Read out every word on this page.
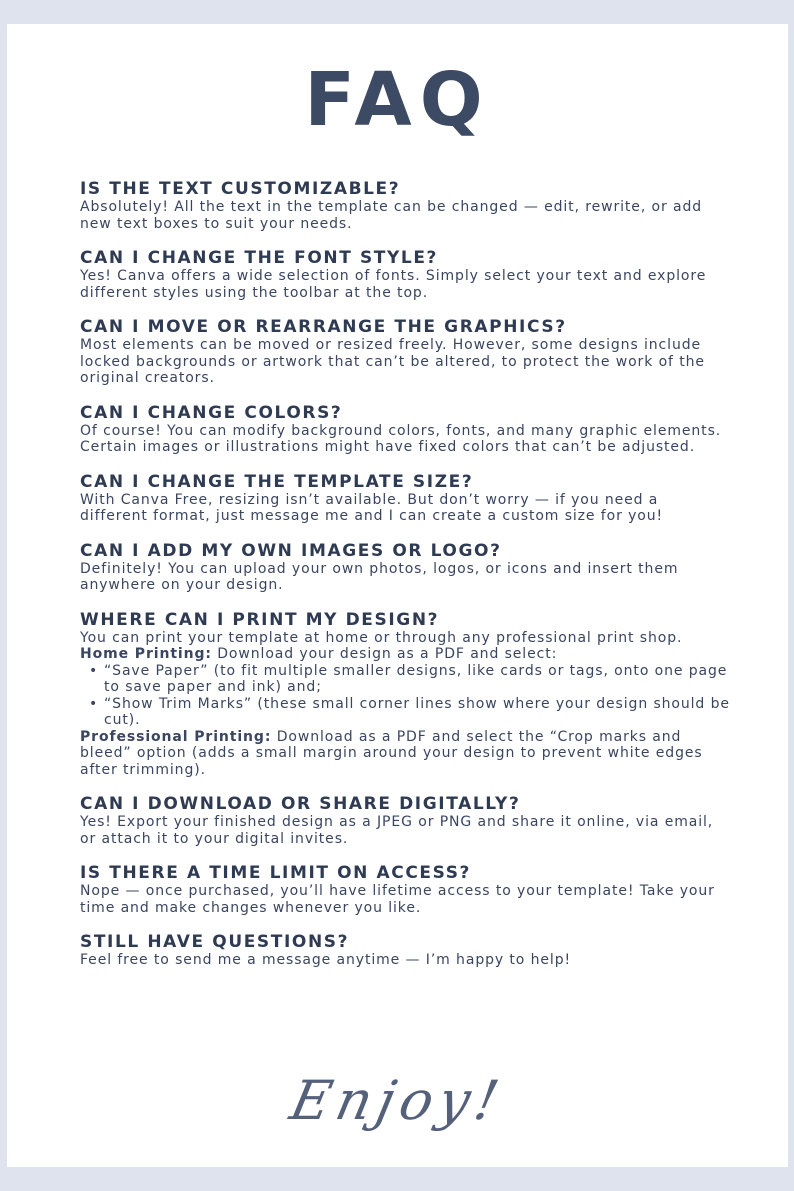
FAQ

IS THE TEXT CUSTOMIZABLE?

Absolutely! All the text in the template can be changed — edit, rewrite, or add new text boxes to suit your needs.

CAN I CHANGE THE FONT STYLE?

Yes! Canva offers a wide selection of fonts. Simply select your text and explore different styles using the toolbar at the top.

CAN I MOVE OR REARRANGE THE GRAPHICS?

Most elements can be moved or resized freely. However, some designs include locked backgrounds or artwork that can’t be altered, to protect the work of the original creators.

CAN I CHANGE COLORS?

Of course! You can modify background colors, fonts, and many graphic elements. Certain images or illustrations might have fixed colors that can’t be adjusted.

CAN I CHANGE THE TEMPLATE SIZE?

With Canva Free, resizing isn’t available. But don’t worry — if you need a different format, just message me and I can create a custom size for you!

CAN I ADD MY OWN IMAGES OR LOGO?

Definitely! You can upload your own photos, logos, or icons and insert them anywhere on your design.

WHERE CAN I PRINT MY DESIGN?

You can print your template at home or through any professional print shop.

Home Printing: Download your design as a PDF and select:

• “Save Paper” (to fit multiple smaller designs, like cards or tags, onto one page to save paper and ink) and;
• “Show Trim Marks” (these small corner lines show where your design should be cut).

Professional Printing: Download as a PDF and select the “Crop marks and bleed” option (adds a small margin around your design to prevent white edges after trimming).

CAN I DOWNLOAD OR SHARE DIGITALLY?

Yes! Export your finished design as a JPEG or PNG and share it online, via email, or attach it to your digital invites.

IS THERE A TIME LIMIT ON ACCESS?

Nope — once purchased, you’ll have lifetime access to your template! Take your time and make changes whenever you like.

STILL HAVE QUESTIONS?

Feel free to send me a message anytime — I’m happy to help!

Enjoy!
